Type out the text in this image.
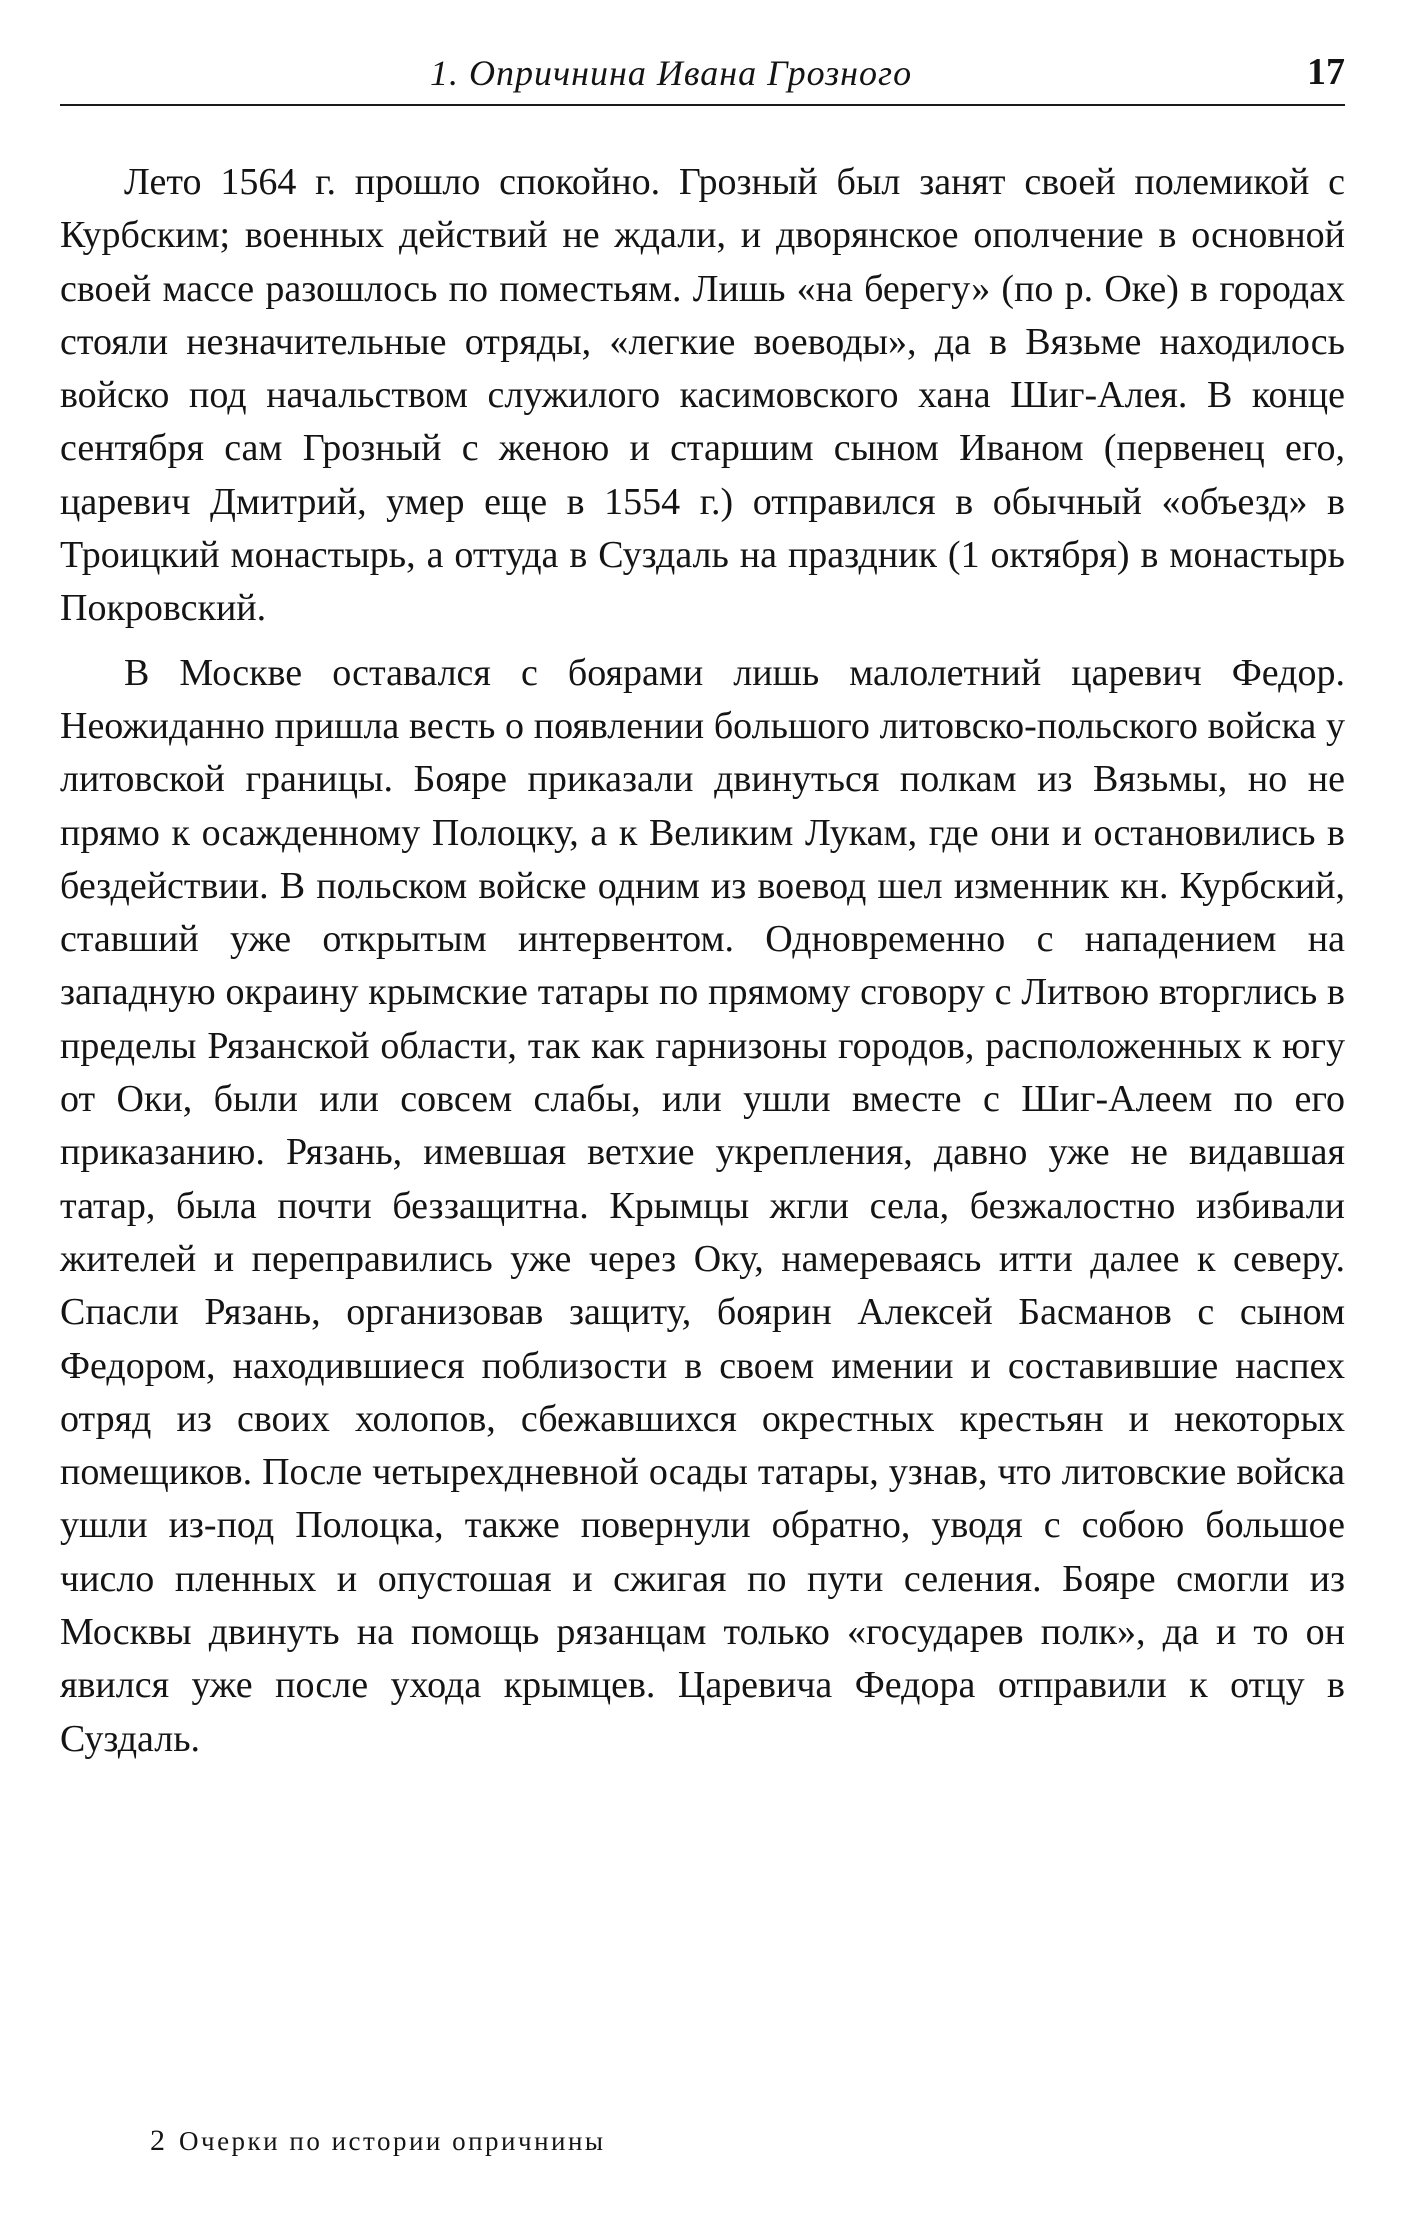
1. Опричнина Ивана Грозного	17

Лето 1564 г. прошло спокойно. Грозный был занят своей полемикой с Курбским; военных действий не ждали, и дворянское ополчение в основной своей массе разошлось по поместьям. Лишь «на берегу» (по р. Оке) в городах стояли незначительные отряды, «легкие воеводы», да в Вязьме находилось войско под начальством служилого касимовского хана Шиг-Алея. В конце сентября сам Грозный с женою и старшим сыном Иваном (первенец его, царевич Дмитрий, умер еще в 1554 г.) отправился в обычный «объезд» в Троицкий монастырь, а оттуда в Суздаль на праздник (1 октября) в монастырь Покровский.

В Москве оставался с боярами лишь малолетний царевич Федор. Неожиданно пришла весть о появлении большого литовско-польского войска у литовской границы. Бояре приказали двинуться полкам из Вязьмы, но не прямо к осажденному Полоцку, а к Великим Лукам, где они и остановились в бездействии. В польском войске одним из воевод шел изменник кн. Курбский, ставший уже открытым интервентом. Одновременно с нападением на западную окраину крымские татары по прямому сговору с Литвою вторглись в пределы Рязанской области, так как гарнизоны городов, расположенных к югу от Оки, были или совсем слабы, или ушли вместе с Шиг-Алеем по его приказанию. Рязань, имевшая ветхие укрепления, давно уже не видавшая татар, была почти беззащитна. Крымцы жгли села, безжалостно избивали жителей и переправились уже через Оку, намереваясь итти далее к северу. Спасли Рязань, организовав защиту, боярин Алексей Басманов с сыном Федором, находившиеся поблизости в своем имении и составившие наспех отряд из своих холопов, сбежавшихся окрестных крестьян и некоторых помещиков. После четырехдневной осады татары, узнав, что литовские войска ушли из-под Полоцка, также повернули обратно, уводя с собою большое число пленных и опустошая и сжигая по пути селения. Бояре смогли из Москвы двинуть на помощь рязанцам только «государев полк», да и то он явился уже после ухода крымцев. Царевича Федора отправили к отцу в Суздаль.

2 Очерки по истории опричнины
